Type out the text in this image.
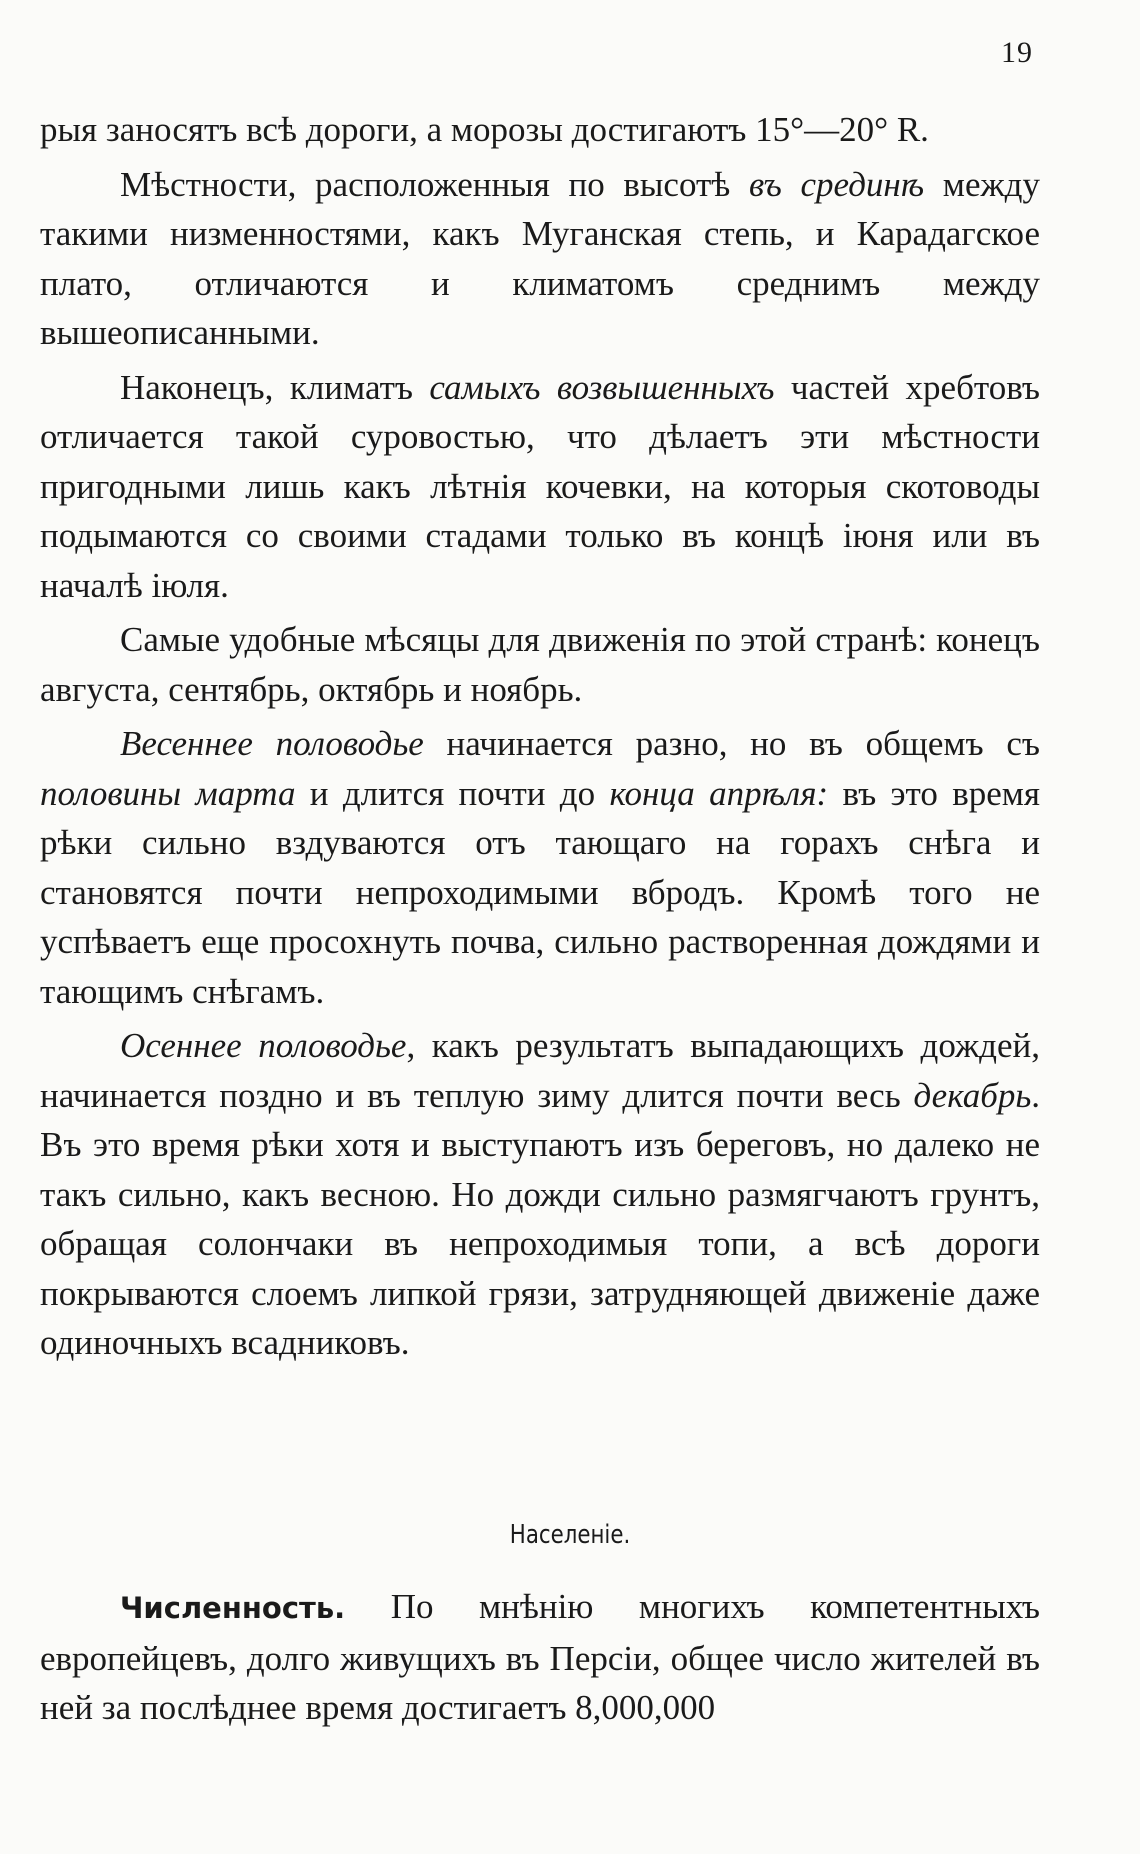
19

рыя заносятъ всѣ дороги, а морозы достигаютъ 15°—20° R.

Мѣстности, расположенныя по высотѣ въ срединѣ между такими низменностями, какъ Муганская степь, и Карадагское плато, отличаются и климатомъ среднимъ между вышеописанными.

Наконецъ, климатъ самыхъ возвышенныхъ частей хребтовъ отличается такой суровостью, что дѣлаетъ эти мѣстности пригодными лишь какъ лѣтнія кочевки, на которыя скотоводы подымаются со своими стадами только въ концѣ іюня или въ началѣ іюля.

Самые удобные мѣсяцы для движенія по этой странѣ: конецъ августа, сентябрь, октябрь и ноябрь.

Весеннее половодье начинается разно, но въ общемъ съ половины марта и длится почти до конца апрѣля: въ это время рѣки сильно вздуваются отъ тающаго на горахъ снѣга и становятся почти непроходимыми вбродъ. Кромѣ того не успѣваетъ еще просохнуть почва, сильно растворенная дождями и тающимъ снѣгамъ.

Осеннее половодье, какъ результатъ выпадающихъ дождей, начинается поздно и въ теплую зиму длится почти весь декабрь. Въ это время рѣки хотя и выступаютъ изъ береговъ, но далеко не такъ сильно, какъ весною. Но дожди сильно размягчаютъ грунтъ, обращая солончаки въ непроходимыя топи, а всѣ дороги покрываются слоемъ липкой грязи, затрудняющей движеніе даже одиночныхъ всадниковъ.

Населеніе.

Численность. По мнѣнію многихъ компетентныхъ европейцевъ, долго живущихъ въ Персіи, общее число жителей въ ней за послѣднее время достигаетъ 8,000,000
